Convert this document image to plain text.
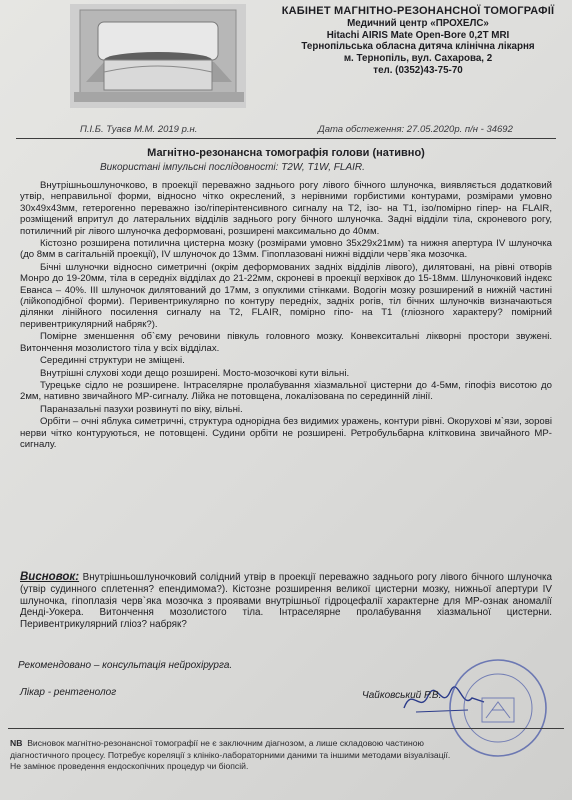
КАБІНЕТ МАГНІТНО-РЕЗОНАНСНОЇ ТОМОГРАФІЇ
Медичний центр «ПРОХЕЛС»
Hitachi AIRIS Mate Open-Bore 0,2T MRI
Тернопільська обласна дитяча клінічна лікарня
м. Тернопіль, вул. Сахарова, 2
тел. (0352)43-75-70
П.І.Б. Туаєв М.М. 2019 р.н.	Дата обстеження: 27.05.2020р. п/н - 34692
Магнітно-резонансна томографія голови (нативно)
Використані імпульсні послідовності: T2W, T1W, FLAIR.

Внутрішньошлуночково, в проекції переважно заднього рогу лівого бічного шлуночка, виявляється додатковий утвір, неправильної форми, відносно чітко окреслений, з нерівними горбистими контурами, розмірами умовно 30х49х43мм, гетерогенно переважно ізо/гіперінтенсивного сигналу на Т2, ізо- на Т1, ізо/помірно гіпер- на FLAIR, розміщений впритул до латеральних відділів заднього рогу бічного шлуночка. Задні відділи тіла, скроневого рогу, потиличний ріг лівого шлуночка деформовані, розширені максимально до 40мм.

Кістозно розширена потилична цистерна мозку (розмірами умовно 35х29х21мм) та нижня апертура IV шлуночка (до 8мм в сагітальній проекції), IV шлуночок до 13мм. Гіпоплазовані нижні відділи черв`яка мозочка.

Бічні шлуночки відносно симетричні (окрім деформованих задніх відділів лівого), дилятовані, на рівні отворів Монро до 19-20мм, тіла в середніх відділах до 21-22мм, скроневі в проекції верхівок до 15-18мм. Шлуночковий індекс Еванса – 40%. III шлуночок дилятований до 17мм, з опуклими стінками. Водогін мозку розширений в нижній частині (лійкоподібної форми). Перивентрикулярно по контуру передніх, задніх рогів, тіл бічних шлуночків визначаються ділянки лінійного посилення сигналу на Т2, FLAIR, помірно гіпо- на Т1 (гліозного характеру? помірний перивентрикулярний набряк?).

Помірне зменшення об`єму речовини півкуль головного мозку. Конвекситальні лікворні простори звужені. Витончення мозолистого тіла у всіх відділах.

Серединні структури не зміщені.

Внутрішні слухові ходи дещо розширені. Мосто-мозочкові кути вільні.

Турецьке сідло не розширене. Інтраселярне пролабування хіазмальної цистерни до 4-5мм, гіпофіз висотою до 2мм, нативно звичайного МР-сигналу. Лійка не потовщена, локалізована по серединній лінії.

Параназальні пазухи розвинуті по віку, вільні.

Орбіти – очні яблука симетричні, структура однорідна без видимих уражень, контури рівні. Окорухові м`язи, зорові нерви чітко контуруються, не потовщені. Судини орбіти не розширені. Ретробульбарна клітковина звичайного МР-сигналу.

Висновок: Внутрішньошлуночковий солідний утвір в проекції переважно заднього рогу лівого бічного шлуночка (утвір судинного сплетення? епендимома?). Кістозне розширення великої цистерни мозку, нижньої апертури IV шлуночка, гіпоплазія черв`яка мозочка з проявами внутрішньої гідроцефалії характерне для МР-ознак аномалії Денді-Уокера. Витончення мозолистого тіла. Інтраселярне пролабування хіазмальної цистерни. Перивентрикулярний гліоз? набряк?
Рекомендовано – консультація нейрохірурга.
Лікар - рентгенолог	Чайковський Р.В.
NB Висновок магнітно-резонансної томографії не є заключним діагнозом, а лише складовою частиною
діагностичного процесу. Потребує кореляції з клініко-лабораторними даними та іншими методами візуалізації.
Не замінює проведення ендоскопічних процедур чи біопсій.
